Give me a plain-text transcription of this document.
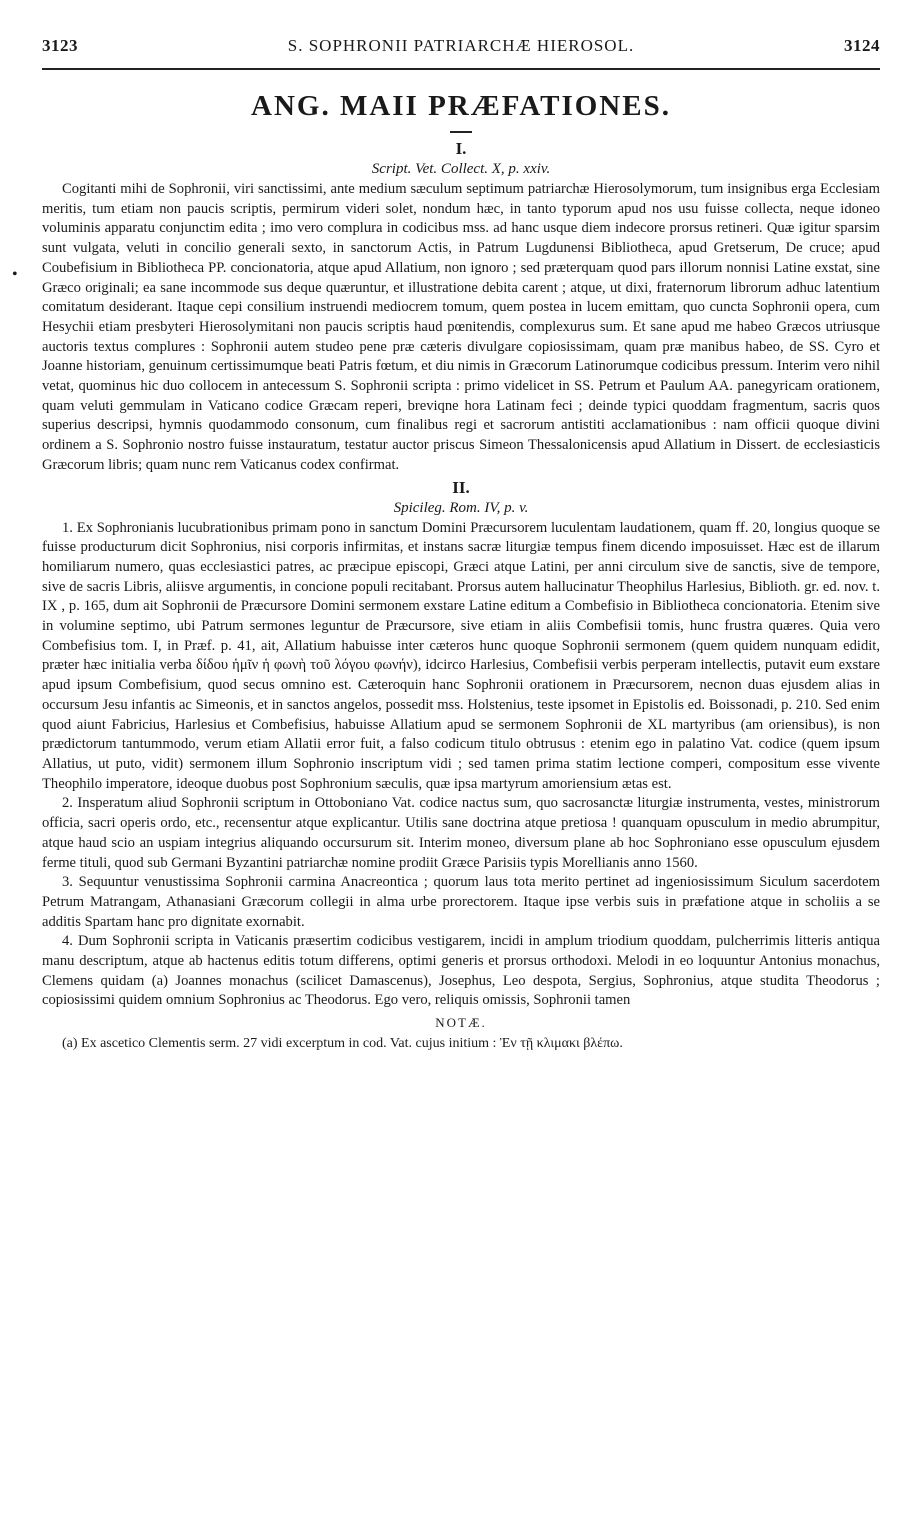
3123	S. SOPHRONII PATRIARCHÆ HIEROSOL.	3124
•
ANG. MAII PRÆFATIONES.
I.
Script. Vet. Collect. X, p. xxiv.

Cogitanti mihi de Sophronii, viri sanctissimi, ante medium sæculum septimum patriarchæ Hierosolymorum, tum insignibus erga Ecclesiam meritis, tum etiam non paucis scriptis, permirum videri solet, nondum hæc, in tanto typorum apud nos usu fuisse collecta, neque idoneo voluminis apparatu conjunctim edita ; imo vero complura in codicibus mss. ad hanc usque diem indecore prorsus retineri. Quæ igitur sparsim sunt vulgata, veluti in concilio generali sexto, in sanctorum Actis, in Patrum Lugdunensi Bibliotheca, apud Gretserum, De cruce; apud Coubefisium in Bibliotheca PP. concionatoria, atque apud Allatium, non ignoro ; sed præterquam quod pars illorum nonnisi Latine exstat, sine Græco originali; ea sane incommode sus deque quæruntur, et illustratione debita carent ; atque, ut dixi, fraternorum librorum adhuc latentium comitatum desiderant. Itaque cepi consilium instruendi mediocrem tomum, quem postea in lucem emittam, quo cuncta Sophronii opera, cum Hesychii etiam presbyteri Hierosolymitani non paucis scriptis haud pœnitendis, complexurus sum. Et sane apud me habeo Græcos utriusque auctoris textus complures : Sophronii autem studeo pene præ cæteris divulgare copiosissimam, quam præ manibus habeo, de SS. Cyro et Joanne historiam, genuinum certissimumque beati Patris fœtum, et diu nimis in Græcorum Latinorumque codicibus pressum. Interim vero nihil vetat, quominus hic duo collocem in antecessum S. Sophronii scripta : primo videlicet in SS. Petrum et Paulum AA. panegyricam orationem, quam veluti gemmulam in Vaticano codice Græcam reperi, breviqne hora Latinam feci ; deinde typici quoddam fragmentum, sacris quos superius descripsi, hymnis quodammodo consonum, cum finalibus regi et sacrorum antistiti acclamationibus : nam officii quoque divini ordinem a S. Sophronio nostro fuisse instauratum, testatur auctor priscus Simeon Thessalonicensis apud Allatium in Dissert. de ecclesiasticis Græcorum libris; quam nunc rem Vaticanus codex confirmat.

II.
Spicileg. Rom. IV, p. v.

1. Ex Sophronianis lucubrationibus primam pono in sanctum Domini Præcursorem luculentam laudationem, quam ff. 20, longius quoque se fuisse producturum dicit Sophronius, nisi corporis infirmitas, et instans sacræ liturgiæ tempus finem dicendo imposuisset. Hæc est de illarum homiliarum numero, quas ecclesiastici patres, ac præcipue episcopi, Græci atque Latini, per anni circulum sive de sanctis, sive de tempore, sive de sacris Libris, aliisve argumentis, in concione populi recitabant. Prorsus autem hallucinatur Theophilus Harlesius, Biblioth. gr. ed. nov. t. IX , p. 165, dum ait Sophronii de Præcursore Domini sermonem exstare Latine editum a Combefisio in Bibliotheca concionatoria. Etenim sive in volumine septimo, ubi Patrum sermones leguntur de Præcursore, sive etiam in aliis Combefisii tomis, hunc frustra quæres. Quia vero Combefisius tom. I, in Præf. p. 41, ait, Allatium habuisse inter cæteros hunc quoque Sophronii sermonem (quem quidem nunquam edidit, præter hæc initialia verba δίδου ἡμῖν ἡ φωνὴ τοῦ λόγου φωνήν), idcirco Harlesius, Combefisii verbis perperam intellectis, putavit eum exstare apud ipsum Combefisium, quod secus omnino est. Cæteroquin hanc Sophronii orationem in Præcursorem, necnon duas ejusdem alias in occursum Jesu infantis ac Simeonis, et in sanctos angelos, possedit mss. Holstenius, teste ipsomet in Epistolis ed. Boissonadi, p. 210. Sed enim quod aiunt Fabricius, Harlesius et Combefisius, habuisse Allatium apud se sermonem Sophronii de XL martyribus (am oriensibus), is non prædictorum tantummodo, verum etiam Allatii error fuit, a falso codicum titulo obtrusus : etenim ego in palatino Vat. codice (quem ipsum Allatius, ut puto, vidit) sermonem illum Sophronio inscriptum vidi ; sed tamen prima statim lectione comperi, compositum esse vivente Theophilo imperatore, ideoque duobus post Sophronium sæculis, quæ ipsa martyrum amoriensium ætas est.

2. Insperatum aliud Sophronii scriptum in Ottoboniano Vat. codice nactus sum, quo sacrosanctæ liturgiæ instrumenta, vestes, ministrorum officia, sacri operis ordo, etc., recensentur atque explicantur. Utilis sane doctrina atque pretiosa ! quanquam opusculum in medio abrumpitur, atque haud scio an uspiam integrius aliquando occursurum sit. Interim moneo, diversum plane ab hoc Sophroniano esse opusculum ejusdem ferme tituli, quod sub Germani Byzantini patriarchæ nomine prodiit Græce Parisiis typis Morellianis anno 1560.

3. Sequuntur venustissima Sophronii carmina Anacreontica ; quorum laus tota merito pertinet ad ingeniosissimum Siculum sacerdotem Petrum Matrangam, Athanasiani Græcorum collegii in alma urbe prorectorem. Itaque ipse verbis suis in præfatione atque in scholiis a se additis Spartam hanc pro dignitate exornabit.

4. Dum Sophronii scripta in Vaticanis præsertim codicibus vestigarem, incidi in amplum triodium quoddam, pulcherrimis litteris antiqua manu descriptum, atque ab hactenus editis totum differens, optimi generis et prorsus orthodoxi. Melodi in eo loquuntur Antonius monachus, Clemens quidam (a) Joannes monachus (scilicet Damascenus), Josephus, Leo despota, Sergius, Sophronius, atque studita Theodorus ; copiosissimi quidem omnium Sophronius ac Theodorus. Ego vero, reliquis omissis, Sophronii tamen

NOTÆ.

(a) Ex ascetico Clementis serm. 27 vidi excerptum in cod. Vat. cujus initium : Ἐν τῇ κλιμακι βλέπω.
